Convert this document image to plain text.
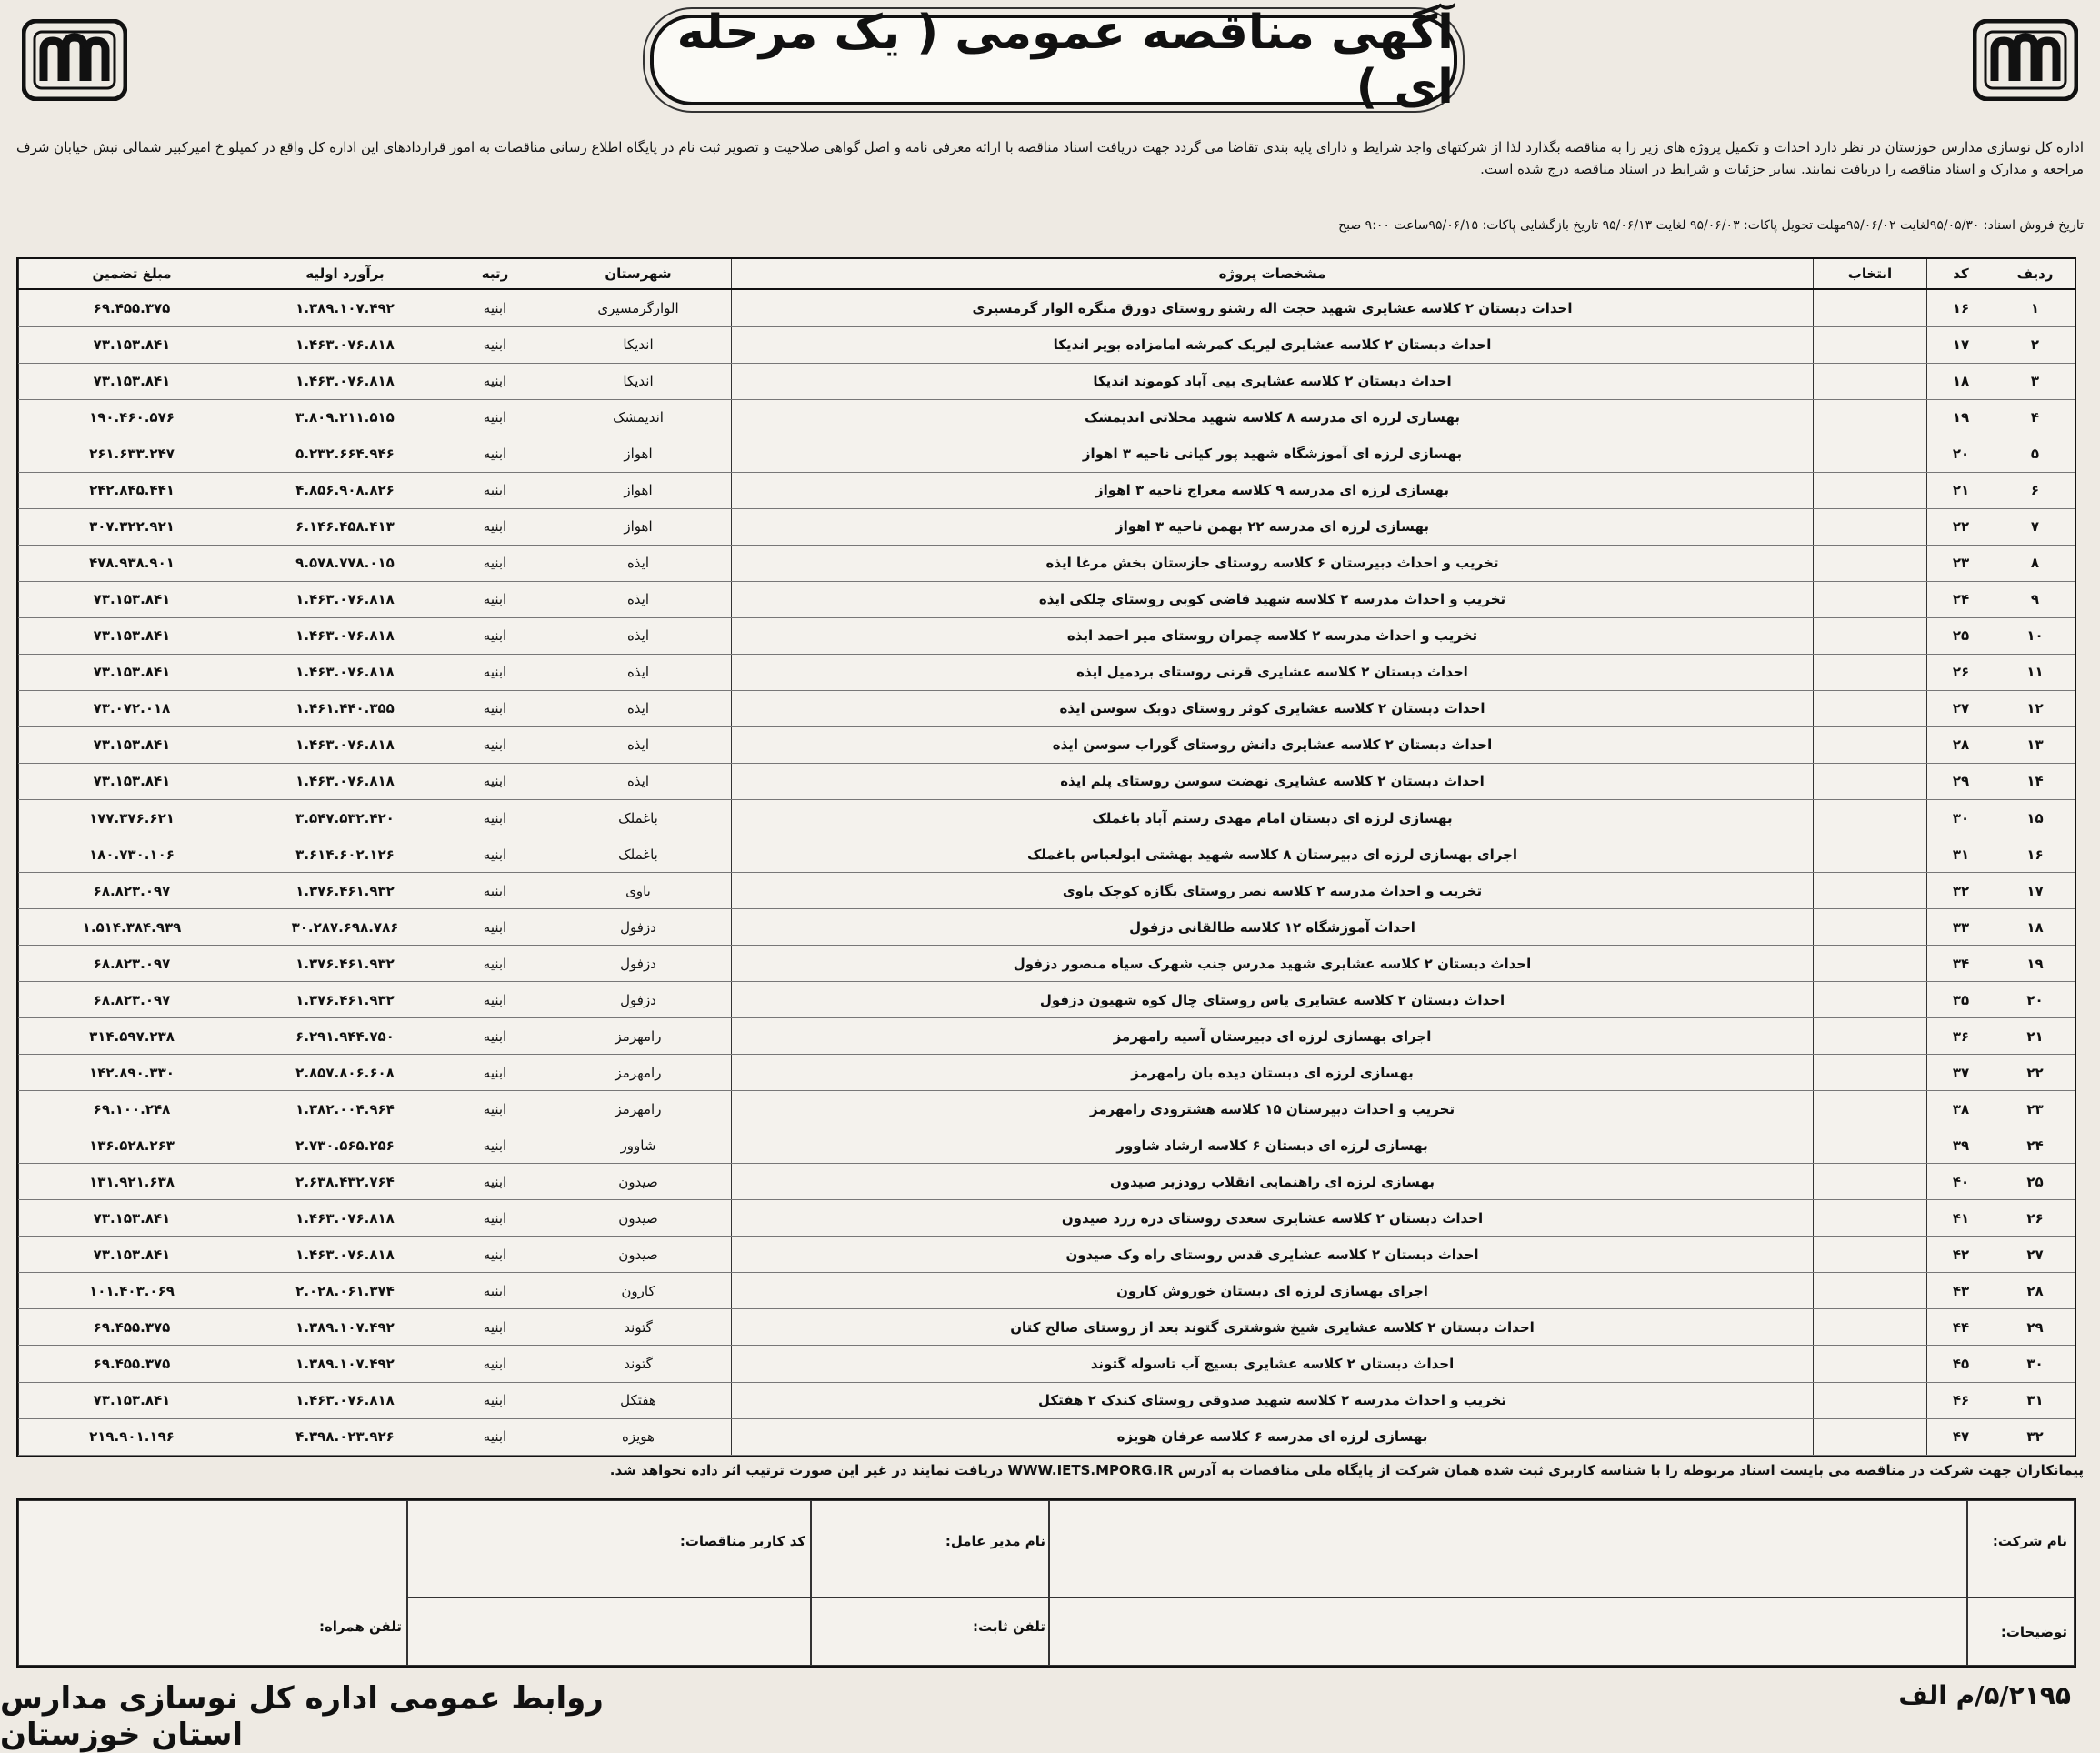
آگهی مناقصه عمومی ( یک مرحله ای )
اداره کل نوسازی مدارس خوزستان در نظر دارد احداث و تکمیل پروژه های زیر را به مناقصه بگذارد لذا از شرکتهای واجد شرایط و دارای پایه بندی تقاضا می گردد جهت دریافت اسناد مناقصه با ارائه معرفی نامه و اصل گواهی صلاحیت و تصویر ثبت نام در پایگاه اطلاع رسانی مناقصات به امور قراردادهای این اداره کل واقع در کمپلو خ امیرکبیر شمالی نبش خیابان شرف مراجعه و مدارک و اسناد مناقصه را دریافت نمایند. سایر جزئیات و شرایط در اسناد مناقصه درج شده است.
تاریخ فروش اسناد: ۹۵/۰۵/۳۰لغایت ۹۵/۰۶/۰۲مهلت تحویل پاکات: ۹۵/۰۶/۰۳ لغایت ۹۵/۰۶/۱۳ تاریخ بازگشایی پاکات: ۹۵/۰۶/۱۵ساعت ۹:۰۰ صبح
ردیف	کد	انتخاب	مشخصات پروژه	شهرستان	رتبه	برآورد اولیه	مبلغ تضمین
۱	۱۶		احداث دبستان ۲ کلاسه عشایری شهید حجت اله رشنو روستای دورق منگره الوار گرمسیری	الوارگرمسیری	ابنیه	۱.۳۸۹.۱۰۷.۴۹۲	۶۹.۴۵۵.۳۷۵
۲	۱۷		احداث دبستان ۲ کلاسه عشایری لیریک کمرشه امامزاده بویر اندیکا	اندیکا	ابنیه	۱.۴۶۳.۰۷۶.۸۱۸	۷۳.۱۵۳.۸۴۱
۳	۱۸		احداث دبستان ۲ کلاسه عشایری بیی آباد کوموند اندیکا	اندیکا	ابنیه	۱.۴۶۳.۰۷۶.۸۱۸	۷۳.۱۵۳.۸۴۱
۴	۱۹		بهسازی لرزه ای مدرسه ۸ کلاسه شهید محلاتی اندیمشک	اندیمشک	ابنیه	۳.۸۰۹.۲۱۱.۵۱۵	۱۹۰.۴۶۰.۵۷۶
۵	۲۰		بهسازی لرزه ای آموزشگاه شهید پور کیانی ناحیه ۳ اهواز	اهواز	ابنیه	۵.۲۳۲.۶۶۴.۹۴۶	۲۶۱.۶۳۳.۲۴۷
۶	۲۱		بهسازی لرزه ای مدرسه ۹ کلاسه معراج ناحیه ۳ اهواز	اهواز	ابنیه	۴.۸۵۶.۹۰۸.۸۲۶	۲۴۲.۸۴۵.۴۴۱
۷	۲۲		بهسازی لرزه ای مدرسه ۲۲ بهمن ناحیه ۳ اهواز	اهواز	ابنیه	۶.۱۴۶.۴۵۸.۴۱۳	۳۰۷.۳۲۲.۹۲۱
۸	۲۳		تخریب و احداث دبیرستان ۶ کلاسه روستای جازستان بخش مرغا ایذه	ایذه	ابنیه	۹.۵۷۸.۷۷۸.۰۱۵	۴۷۸.۹۳۸.۹۰۱
۹	۲۴		تخریب و احداث مدرسه ۲ کلاسه شهید قاضی کوبی روستای چلکی ایذه	ایذه	ابنیه	۱.۴۶۳.۰۷۶.۸۱۸	۷۳.۱۵۳.۸۴۱
۱۰	۲۵		تخریب و احداث مدرسه ۲ کلاسه چمران روستای میر احمد ایذه	ایذه	ابنیه	۱.۴۶۳.۰۷۶.۸۱۸	۷۳.۱۵۳.۸۴۱
۱۱	۲۶		احداث دبستان ۲ کلاسه عشایری قرنی روستای بردمیل ایذه	ایذه	ابنیه	۱.۴۶۳.۰۷۶.۸۱۸	۷۳.۱۵۳.۸۴۱
۱۲	۲۷		احداث دبستان ۲ کلاسه عشایری کوثر روستای دوبک سوسن ایذه	ایذه	ابنیه	۱.۴۶۱.۴۴۰.۳۵۵	۷۳.۰۷۲.۰۱۸
۱۳	۲۸		احداث دبستان ۲ کلاسه عشایری دانش روستای گوراب سوسن ایذه	ایذه	ابنیه	۱.۴۶۳.۰۷۶.۸۱۸	۷۳.۱۵۳.۸۴۱
۱۴	۲۹		احداث دبستان ۲ کلاسه عشایری نهضت سوسن روستای پلم ایذه	ایذه	ابنیه	۱.۴۶۳.۰۷۶.۸۱۸	۷۳.۱۵۳.۸۴۱
۱۵	۳۰		بهسازی لرزه ای دبستان امام مهدی رستم آباد باغملک	باغملک	ابنیه	۳.۵۴۷.۵۳۲.۴۲۰	۱۷۷.۳۷۶.۶۲۱
۱۶	۳۱		اجرای بهسازی لرزه ای دبیرستان ۸ کلاسه شهید بهشتی ابولعباس باغملک	باغملک	ابنیه	۳.۶۱۴.۶۰۲.۱۲۶	۱۸۰.۷۳۰.۱۰۶
۱۷	۳۲		تخریب و احداث مدرسه ۲ کلاسه نصر روستای بگازه کوچک باوی	باوی	ابنیه	۱.۳۷۶.۴۶۱.۹۳۲	۶۸.۸۲۳.۰۹۷
۱۸	۳۳		احداث آموزشگاه ۱۲ کلاسه طالقانی دزفول	دزفول	ابنیه	۳۰.۲۸۷.۶۹۸.۷۸۶	۱.۵۱۴.۳۸۴.۹۳۹
۱۹	۳۴		احداث دبستان ۲ کلاسه عشایری شهید مدرس جنب شهرک سیاه منصور دزفول	دزفول	ابنیه	۱.۳۷۶.۴۶۱.۹۳۲	۶۸.۸۲۳.۰۹۷
۲۰	۳۵		احداث دبستان ۲ کلاسه عشایری یاس روستای چال کوه شهیون دزفول	دزفول	ابنیه	۱.۳۷۶.۴۶۱.۹۳۲	۶۸.۸۲۳.۰۹۷
۲۱	۳۶		اجرای بهسازی لرزه ای دبیرستان آسیه رامهرمز	رامهرمز	ابنیه	۶.۲۹۱.۹۴۴.۷۵۰	۳۱۴.۵۹۷.۲۳۸
۲۲	۳۷		بهسازی لرزه ای دبستان دیده بان رامهرمز	رامهرمز	ابنیه	۲.۸۵۷.۸۰۶.۶۰۸	۱۴۲.۸۹۰.۳۳۰
۲۳	۳۸		تخریب و احداث دبیرستان ۱۵ کلاسه هشترودی رامهرمز	رامهرمز	ابنیه	۱.۳۸۲.۰۰۴.۹۶۴	۶۹.۱۰۰.۲۴۸
۲۴	۳۹		بهسازی لرزه ای دبستان ۶ کلاسه ارشاد شاوور	شاوور	ابنیه	۲.۷۳۰.۵۶۵.۲۵۶	۱۳۶.۵۲۸.۲۶۳
۲۵	۴۰		بهسازی لرزه ای راهنمایی انقلاب رودزبر صیدون	صیدون	ابنیه	۲.۶۳۸.۴۳۲.۷۶۴	۱۳۱.۹۲۱.۶۳۸
۲۶	۴۱		احداث دبستان ۲ کلاسه عشایری سعدی روستای دره زرد صیدون	صیدون	ابنیه	۱.۴۶۳.۰۷۶.۸۱۸	۷۳.۱۵۳.۸۴۱
۲۷	۴۲		احداث دبستان ۲ کلاسه عشایری قدس روستای راه وک صیدون	صیدون	ابنیه	۱.۴۶۳.۰۷۶.۸۱۸	۷۳.۱۵۳.۸۴۱
۲۸	۴۳		اجرای بهسازی لرزه ای دبستان خوروش کارون	کارون	ابنیه	۲.۰۲۸.۰۶۱.۳۷۴	۱۰۱.۴۰۳.۰۶۹
۲۹	۴۴		احداث دبستان ۲ کلاسه عشایری شیخ شوشتری گتوند بعد از روستای صالح کتان	گتوند	ابنیه	۱.۳۸۹.۱۰۷.۴۹۲	۶۹.۴۵۵.۳۷۵
۳۰	۴۵		احداث دبستان ۲ کلاسه عشایری بسیج آب تاسوله گتوند	گتوند	ابنیه	۱.۳۸۹.۱۰۷.۴۹۲	۶۹.۴۵۵.۳۷۵
۳۱	۴۶		تخریب و احداث مدرسه ۲ کلاسه شهید صدوقی روستای کندک ۲ هفتکل	هفتکل	ابنیه	۱.۴۶۳.۰۷۶.۸۱۸	۷۳.۱۵۳.۸۴۱
۳۲	۴۷		بهسازی لرزه ای مدرسه ۶ کلاسه عرفان هویزه	هویزه	ابنیه	۴.۳۹۸.۰۲۳.۹۲۶	۲۱۹.۹۰۱.۱۹۶
پیمانکاران جهت شرکت در مناقصه می بایست اسناد مربوطه را با شناسه کاربری ثبت شده همان شرکت از پایگاه ملی مناقصات به آدرس WWW.IETS.MPORG.IR دریافت نمایند در غیر این صورت ترتیب اثر داده نخواهد شد.
نام شرکت:
نام مدیر عامل:
کد کاربر مناقصات:
توضیحات:
تلفن ثابت:
تلفن همراه:
روابط عمومی اداره کل نوسازی مدارس استان خوزستان
۵/۲۱۹۵/م الف
